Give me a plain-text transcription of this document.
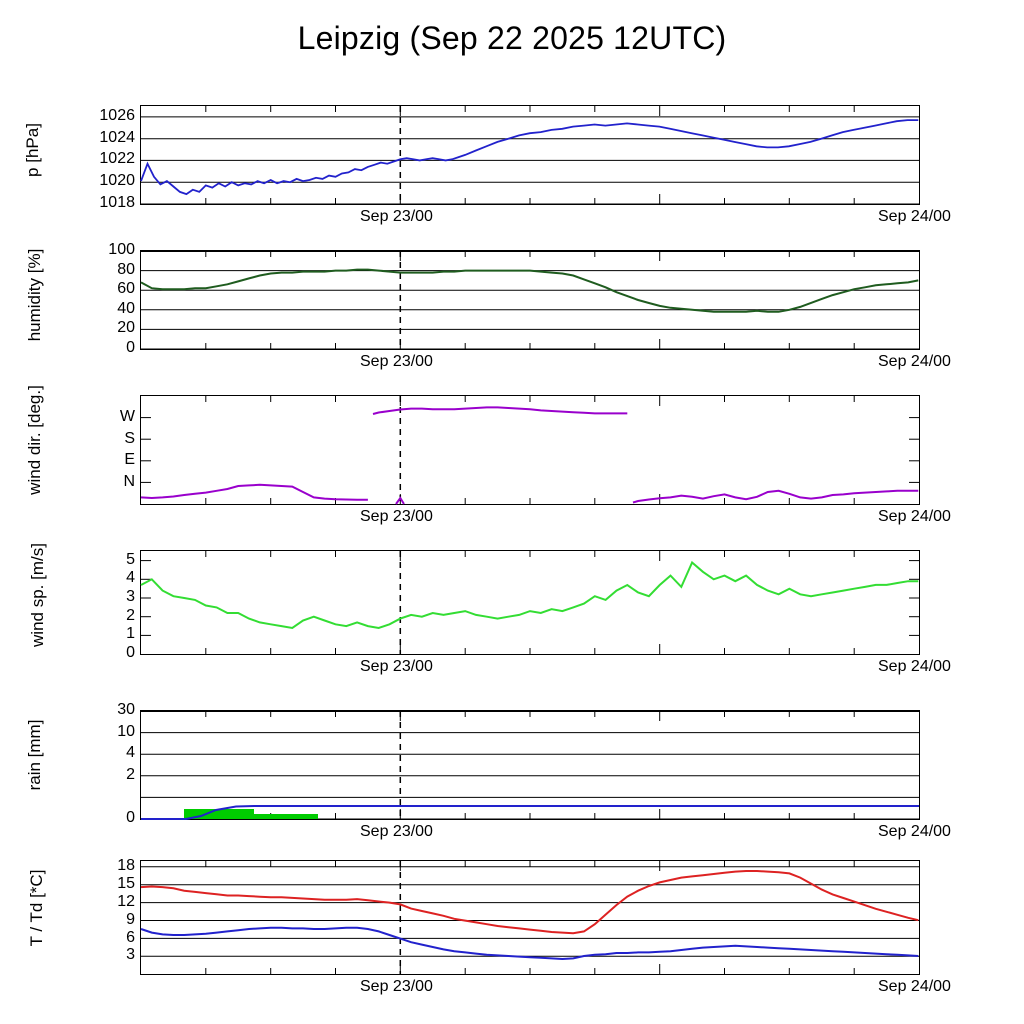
Leipzig (Sep 22 2025 12UTC)
p [hPa]
1026
1024
1022
1020
1018
Sep 23/00	Sep 24/00
humidity [%]	100
80
60
40
20
0
Sep 23/00	Sep 24/00
wind dir. [deg.]	W
S
E
N
Sep 23/00	Sep 24/00
wind sp. [m/s]	5
4
3
2
1
0
Sep 23/00	Sep 24/00
rain [mm]
30
10
4
2
0
Sep 23/00	Sep 24/00
T / Td [*C]
18
15
12
9
6
3
Sep 23/00	Sep 24/00
